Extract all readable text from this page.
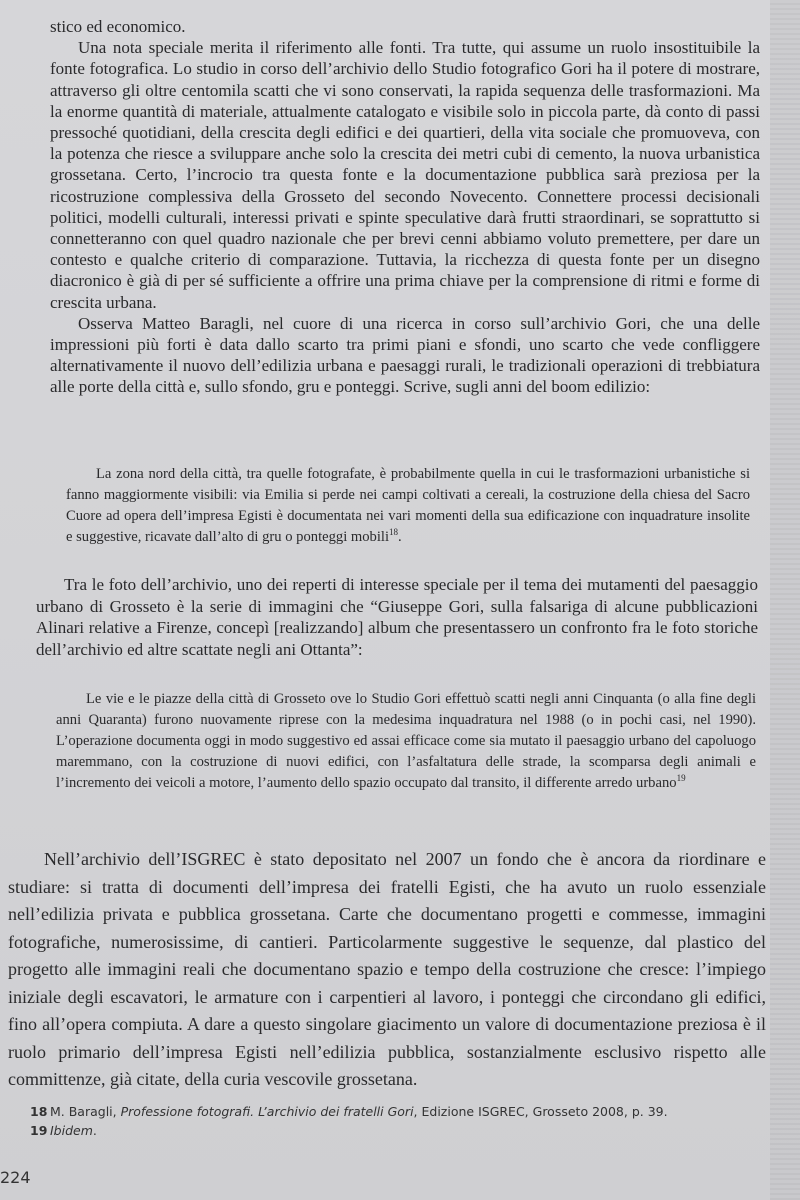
stico ed economico.

Una nota speciale merita il riferimento alle fonti. Tra tutte, qui assume un ruolo insostituibile la fonte fotografica. Lo studio in corso dell’archivio dello Studio fotografico Gori ha il potere di mostrare, attraverso gli oltre centomila scatti che vi sono conservati, la rapida sequenza delle trasformazioni. Ma la enorme quantità di materiale, attualmente catalogato e visibile solo in piccola parte, dà conto di passi pressoché quotidiani, della crescita degli edifici e dei quartieri, della vita sociale che promuoveva, con la potenza che riesce a sviluppare anche solo la crescita dei metri cubi di cemento, la nuova urbanistica grossetana. Certo, l’incrocio tra questa fonte e la documentazione pubblica sarà preziosa per la ricostruzione complessiva della Grosseto del secondo Novecento. Connettere processi decisionali politici, modelli culturali, interessi privati e spinte speculative darà frutti straordinari, se soprattutto si connetteranno con quel quadro nazionale che per brevi cenni abbiamo voluto premettere, per dare un contesto e qualche criterio di comparazione. Tuttavia, la ricchezza di questa fonte per un disegno diacronico è già di per sé sufficiente a offrire una prima chiave per la comprensione di ritmi e forme di crescita urbana.

Osserva Matteo Baragli, nel cuore di una ricerca in corso sull’archivio Gori, che una delle impressioni più forti è data dallo scarto tra primi piani e sfondi, uno scarto che vede confliggere alternativamente il nuovo dell’edilizia urbana e paesaggi rurali, le tradizionali operazioni di trebbiatura alle porte della città e, sullo sfondo, gru e ponteggi. Scrive, sugli anni del boom edilizio:

La zona nord della città, tra quelle fotografate, è probabilmente quella in cui le trasformazioni urbanistiche si fanno maggiormente visibili: via Emilia si perde nei campi coltivati a cereali, la costruzione della chiesa del Sacro Cuore ad opera dell’impresa Egisti è documentata nei vari momenti della sua edificazione con inquadrature insolite e suggestive, ricavate dall’alto di gru o ponteggi mobili$^{18}$.

Tra le foto dell’archivio, uno dei reperti di interesse speciale per il tema dei mutamenti del paesaggio urbano di Grosseto è la serie di immagini che “Giuseppe Gori, sulla falsariga di alcune pubblicazioni Alinari relative a Firenze, concepì [realizzando] album che presentassero un confronto fra le foto storiche dell’archivio ed altre scattate negli ani Ottanta”:

Le vie e le piazze della città di Grosseto ove lo Studio Gori effettuò scatti negli anni Cinquanta (o alla fine degli anni Quaranta) furono nuovamente riprese con la medesima inquadratura nel 1988 (o in pochi casi, nel 1990). L’operazione documenta oggi in modo suggestivo ed assai efficace come sia mutato il paesaggio urbano del capoluogo maremmano, con la costruzione di nuovi edifici, con l’asfaltatura delle strade, la scomparsa degli animali e l’incremento dei veicoli a motore, l’aumento dello spazio occupato dal transito, il differente arredo urbano$^{19}$

Nell’archivio dell’ISGREC è stato depositato nel 2007 un fondo che è ancora da riordinare e studiare: si tratta di documenti dell’impresa dei fratelli Egisti, che ha avuto un ruolo essenziale nell’edilizia privata e pubblica grossetana. Carte che documentano progetti e commesse, immagini fotografiche, numerosissime, di cantieri. Particolarmente suggestive le sequenze, dal plastico del progetto alle immagini reali che documentano spazio e tempo della costruzione che cresce: l’impiego iniziale degli escavatori, le armature con i carpentieri al lavoro, i ponteggi che circondano gli edifici, fino all’opera compiuta. A dare a questo singolare giacimento un valore di documentazione preziosa è il ruolo primario dell’impresa Egisti nell’edilizia pubblica, sostanzialmente esclusivo rispetto alle committenze, già citate, della curia vescovile grossetana.

18 M. Baragli, Professione fotografi. L’archivio dei fratelli Gori, Edizione ISGREC, Grosseto 2008, p. 39.
19 Ibidem.
224
